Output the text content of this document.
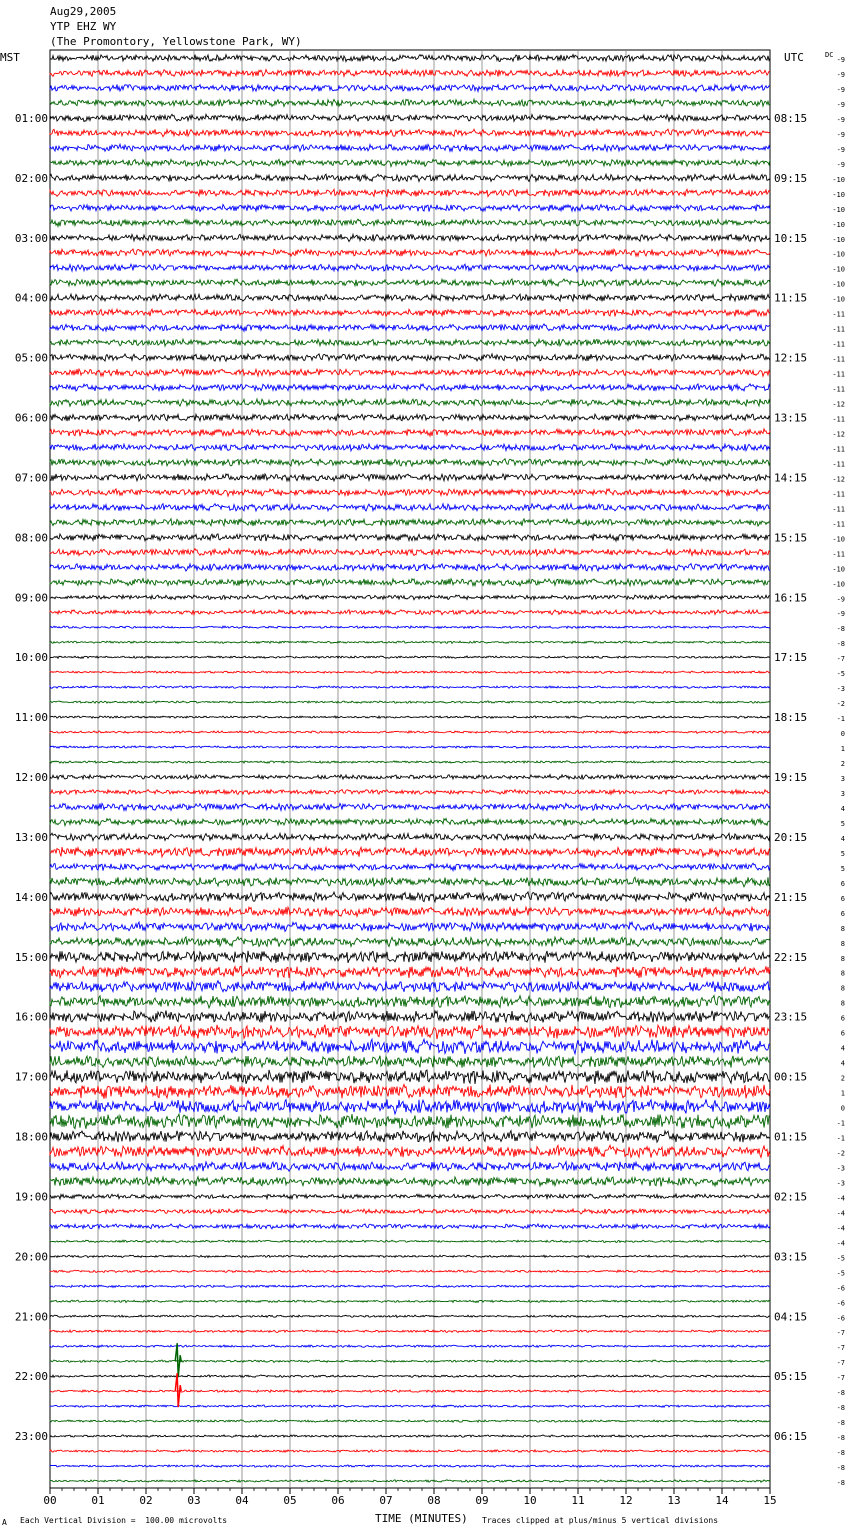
Aug29,2005
YTP EHZ WY
(The Promontory, Yellowstone Park, WY)
00	01	02	03	04	05	06	07	08	09	10	11	12	13	14	15
MST	UTC	DC
-9
-9
-9
-9
-9
01:00	08:15
-9
-9
-9
-10
02:00	09:15
-10
-10
-10
-10
03:00	10:15
-10
-10
-10
-10
04:00	11:15
-11
-11
-11
-11
05:00	12:15
-11
-11
-12
-11
06:00	13:15
-12
-11
-11
-12
07:00	14:15
-11
-11
-11
-10
08:00	15:15
-11
-10
-10
-9
09:00	16:15
-9
-8
-8
-7
10:00	17:15
-5
-3
-2
-1
11:00	18:15
0
1
2
3
12:00	19:15
3
4
5
4
13:00	20:15
5
5
6
6
14:00	21:15
6
8
8
8
15:00	22:15
8
8
8
6
16:00	23:15
6
4
4
2
17:00	00:15
1
0
-1
-1
18:00	01:15
-2
-3
-3
-4
19:00	02:15
-4
-4
-4
-5
20:00	03:15
-5
-6
-6
-6
21:00	04:15
-7
-7
-7
-7
22:00	05:15
-8
-8
-8
-8
23:00	06:15
-8
-8
-8
A Each Vertical Division =  100.00 microvolts	TIME (MINUTES) Traces clipped at plus/minus 5 vertical divisions
